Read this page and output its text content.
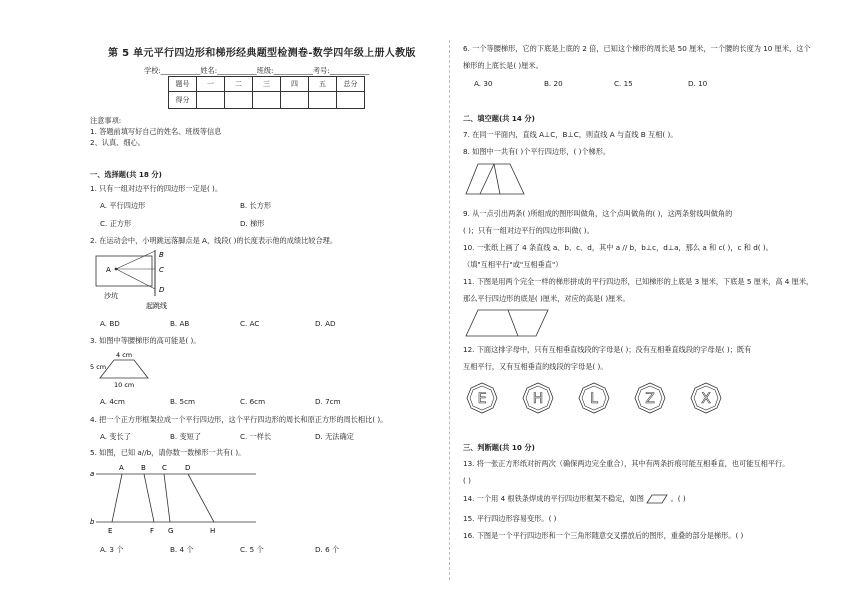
第 5 单元平行四边形和梯形经典题型检测卷-数学四年级上册人教版
学校:___________姓名:___________班级:___________考号:___________
题号	一	二	三	四	五	总分
得分						
注意事项:
1. 答题前填写好自己的姓名、班级等信息
2、认真、细心。
一、选择题(共 18 分)
1. 只有一组对边平行的四边形一定是( )。
A. 平行四边形	B. 长方形
C. 正方形	D. 梯形
2. 在运动会中，小明跳远落脚点是 A，线段( )的长度表示他的成绩比较合理。
A
B
C
D
沙坑
起跳线
A. BD	B. AB	C. AC	D. AD
3. 如图中等腰梯形的高可能是( )。
4 cm
5 cm
10 cm
A. 4cm	B. 5cm	C. 6cm	D. 7cm
4. 把一个正方形框架拉成一个平行四边形，这个平行四边形的周长和原正方形的周长相比( )。
A. 变长了	B. 变短了	C. 一样长	D. 无法确定
5. 如图，已知 a//b，请你数一数梯形一共有( )。
a
b
A B C	D
E	F G	H
A. 3 个	B. 4 个	C. 5 个	D. 6 个
6. 一个等腰梯形，它的下底是上底的 2 倍，已知这个梯形的周长是 50 厘米，一个腰的长度为 10 厘米，这个
梯形的上底长是( )厘米。
A. 30	B. 20	C. 15	D. 10
二、填空题(共 14 分)
7. 在同一平面内，直线 A⊥C，B⊥C，则直线 A 与直线 B 互相( )。
8. 如图中一共有( )个平行四边形，( )个梯形。
9. 从一点引出两条( )所组成的图形叫做角，这个点叫做角的( )，这两条射线叫做角的
( )；只有一组对边平行的四边形叫做( )。
10. 一张纸上画了 4 条直线 a、b、c、d，其中 a // b，b⊥c，d⊥a，那么 a 和 c( )，c 和 d( )。
（填"互相平行"或"互相垂直"）
11. 下图是用两个完全一样的梯形拼成的平行四边形，已知梯形的上底是 3 厘米，下底是 5 厘米，高 4 厘米，
那么平行四边形的底是( )厘米，对应的高是( )厘米。
12. 下面这排字母中，只有互相垂直线段的字母是( )；没有互相垂直线段的字母是( )；既有
互相平行，又有互相垂直的线段的字母是( )。
E	H	L	Z	X
三、判断题(共 10 分)
13. 将一张正方形纸对折两次（确保两边完全重合），其中有两条折痕可能互相垂直，也可能互相平行。
( )
14. 一个用 4 根铁条焊成的平行四边形框架不稳定，如图	。( )
15. 平行四边形容易变形。( )
16. 下图是一个平行四边形和一个三角形随意交叉摆放后的图形，重叠的部分是梯形。( )
